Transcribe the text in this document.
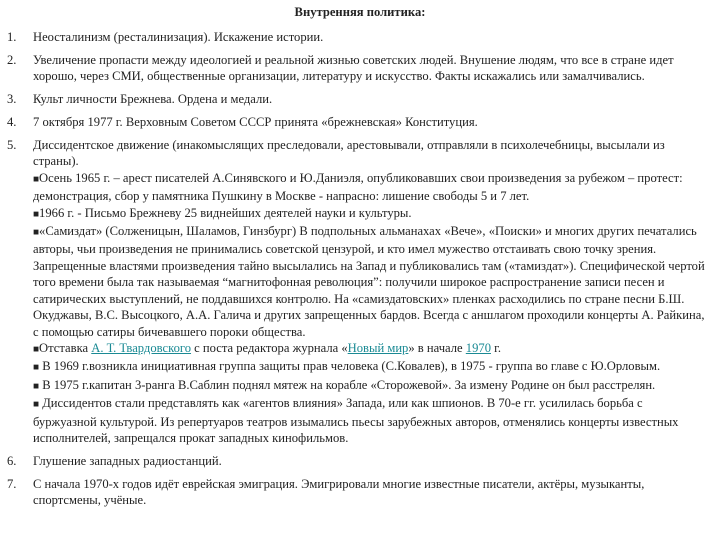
Внутренняя политика:
1.	Неосталинизм (ресталинизация). Искажение истории.
2.	Увеличение пропасти между идеологией и реальной жизнью советских людей. Внушение людям, что все в стране идет хорошо, через СМИ, общественные организации, литературу и искусство. Факты искажались или замалчивались.
3.	Культ личности Брежнева. Ордена и медали.
4.	7 октября 1977 г. Верховным Советом СССР принята «брежневская» Конституция.
5.	Диссидентское движение (инакомыслящих преследовали, арестовывали, отправляли в психолечебницы, высылали из страны).
■Осень 1965 г. – арест писателей А.Синявского и Ю.Даниэля, опубликовавших свои произведения за рубежом – протест: демонстрация, сбор у памятника Пушкину в Москве - напрасно: лишение свободы 5 и 7 лет.
■1966 г. - Письмо Брежневу 25 виднейших деятелей науки и культуры.
■«Самиздат» (Солженицын, Шаламов, Гинзбург) В подпольных альманахах «Вече», «Поиски» и многих других печатались авторы, чьи произведения не принимались советской цензурой, и кто имел мужество отстаивать свою точку зрения. Запрещенные властями произведения тайно высылались на Запад и публиковались там («тамиздат»). Специфической чертой того времени была так называемая “магнитофонная революция”: получили широкое распространение записи песен и сатирических выступлений, не поддавшихся контролю. На «самиздатовских» пленках расходились по стране песни Б.Ш. Окуджавы, В.С. Высоцкого, А.А. Галича и других запрещенных бардов. Всегда с аншлагом проходили концерты А. Райкина, с помощью сатиры бичевавшего пороки общества.
■Отставка А. Т. Твардовского с поста редактора журнала «Новый мир» в начале 1970 г.
■ В 1969 г.возникла инициативная группа защиты прав человека (С.Ковалев), в 1975 - группа во главе с Ю.Орловым.
■ В 1975 г.капитан 3-ранга В.Саблин поднял мятеж на корабле «Сторожевой». За измену Родине он был расстрелян.
■ Диссидентов стали представлять как «агентов влияния» Запада, или как шпионов. В 70-е гг. усилилась борьба с буржуазной культурой. Из репертуаров театров изымались пьесы зарубежных авторов, отменялись концерты известных исполнителей, запрещался прокат западных кинофильмов.
6.	Глушение западных радиостанций.
7.	С начала 1970-х годов идёт еврейская эмиграция. Эмигрировали многие известные писатели, актёры, музыканты, спортсмены, учёные.
